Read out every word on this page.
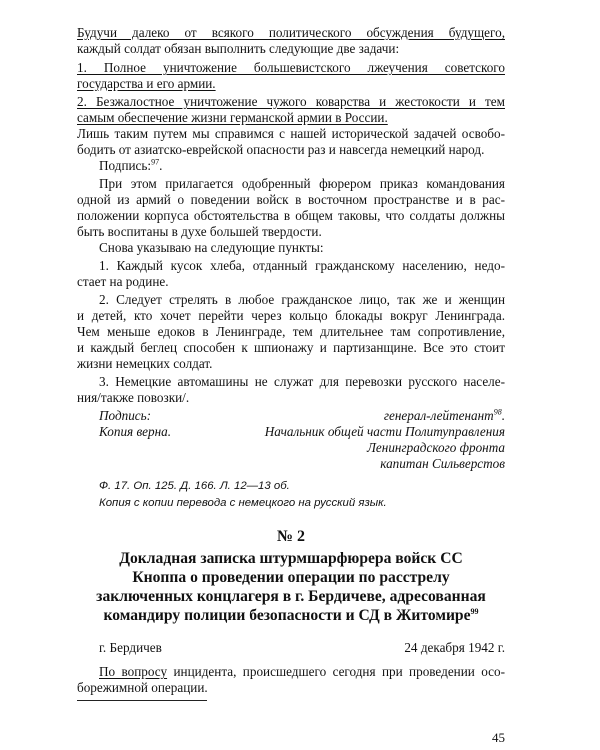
Будучи далеко от всякого политического обсуждения будущего,
каждый солдат обязан выполнить следующие две задачи:
1. Полное уничтожение большевистского лжеучения советского
государства и его армии.
2. Безжалостное уничтожение чужого коварства и жестокости и тем
самым обеспечение жизни германской армии в России.
Лишь таким путем мы справимся с нашей исторической задачей освобо-
бодить от азиатско-еврейской опасности раз и навсегда немецкий народ.
Подпись:$^{97}$.
При этом прилагается одобренный фюрером приказ командования
одной из армий о поведении войск в восточном пространстве и в рас-
положении корпуса обстоятельства в общем таковы, что солдаты должны
быть воспитаны в духе большей твердости.
Снова указываю на следующие пункты:
1. Каждый кусок хлеба, отданный гражданскому населению, недо-
стает на родине.
2. Следует стрелять в любое гражданское лицо, так же и женщин
и детей, кто хочет перейти через кольцо блокады вокруг Ленинграда.
Чем меньше едоков в Ленинграде, тем длительнее там сопротивление,
и каждый беглец способен к шпионажу и партизанщине. Все это стоит
жизни немецких солдат.
3. Немецкие автомашины не служат для перевозки русского населе-
ния/также повозки/.
Подпись:	генерал-лейтенант$^{98}$.
Копия верна.	Начальник общей части Политуправления
Ленинградского фронта
капитан Сильверстов
Ф. 17. Оп. 125. Д. 166. Л. 12—13 об.
Копия с копии перевода с немецкого на русский язык.
№ 2
Докладная записка штурмшарфюрера войск СС
Кноппа о проведении операции по расстрелу
заключенных концлагеря в г. Бердичеве, адресованная
командиру полиции безопасности и СД в Житомире$^{99}$
г. Бердичев	24 декабря 1942 г.
По вопросу инцидента, происшедшего сегодня при проведении осо-
борежимной операции.
45
